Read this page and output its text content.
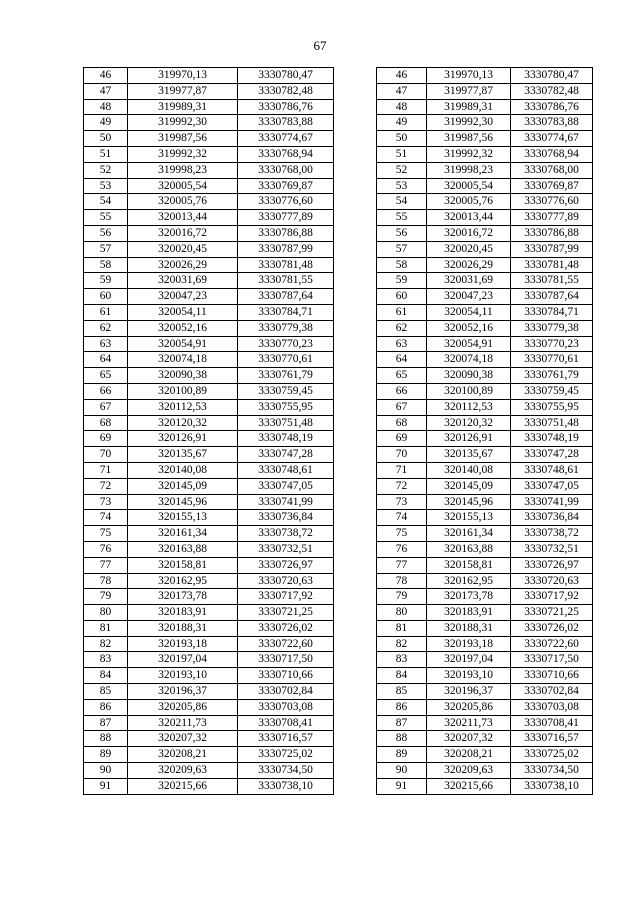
67
46	319970,13	3330780,47
47	319977,87	3330782,48
48	319989,31	3330786,76
49	319992,30	3330783,88
50	319987,56	3330774,67
51	319992,32	3330768,94
52	319998,23	3330768,00
53	320005,54	3330769,87
54	320005,76	3330776,60
55	320013,44	3330777,89
56	320016,72	3330786,88
57	320020,45	3330787,99
58	320026,29	3330781,48
59	320031,69	3330781,55
60	320047,23	3330787,64
61	320054,11	3330784,71
62	320052,16	3330779,38
63	320054,91	3330770,23
64	320074,18	3330770,61
65	320090,38	3330761,79
66	320100,89	3330759,45
67	320112,53	3330755,95
68	320120,32	3330751,48
69	320126,91	3330748,19
70	320135,67	3330747,28
71	320140,08	3330748,61
72	320145,09	3330747,05
73	320145,96	3330741,99
74	320155,13	3330736,84
75	320161,34	3330738,72
76	320163,88	3330732,51
77	320158,81	3330726,97
78	320162,95	3330720,63
79	320173,78	3330717,92
80	320183,91	3330721,25
81	320188,31	3330726,02
82	320193,18	3330722,60
83	320197,04	3330717,50
84	320193,10	3330710,66
85	320196,37	3330702,84
86	320205,86	3330703,08
87	320211,73	3330708,41
88	320207,32	3330716,57
89	320208,21	3330725,02
90	320209,63	3330734,50
91	320215,66	3330738,10
46	319970,13	3330780,47
47	319977,87	3330782,48
48	319989,31	3330786,76
49	319992,30	3330783,88
50	319987,56	3330774,67
51	319992,32	3330768,94
52	319998,23	3330768,00
53	320005,54	3330769,87
54	320005,76	3330776,60
55	320013,44	3330777,89
56	320016,72	3330786,88
57	320020,45	3330787,99
58	320026,29	3330781,48
59	320031,69	3330781,55
60	320047,23	3330787,64
61	320054,11	3330784,71
62	320052,16	3330779,38
63	320054,91	3330770,23
64	320074,18	3330770,61
65	320090,38	3330761,79
66	320100,89	3330759,45
67	320112,53	3330755,95
68	320120,32	3330751,48
69	320126,91	3330748,19
70	320135,67	3330747,28
71	320140,08	3330748,61
72	320145,09	3330747,05
73	320145,96	3330741,99
74	320155,13	3330736,84
75	320161,34	3330738,72
76	320163,88	3330732,51
77	320158,81	3330726,97
78	320162,95	3330720,63
79	320173,78	3330717,92
80	320183,91	3330721,25
81	320188,31	3330726,02
82	320193,18	3330722,60
83	320197,04	3330717,50
84	320193,10	3330710,66
85	320196,37	3330702,84
86	320205,86	3330703,08
87	320211,73	3330708,41
88	320207,32	3330716,57
89	320208,21	3330725,02
90	320209,63	3330734,50
91	320215,66	3330738,10
